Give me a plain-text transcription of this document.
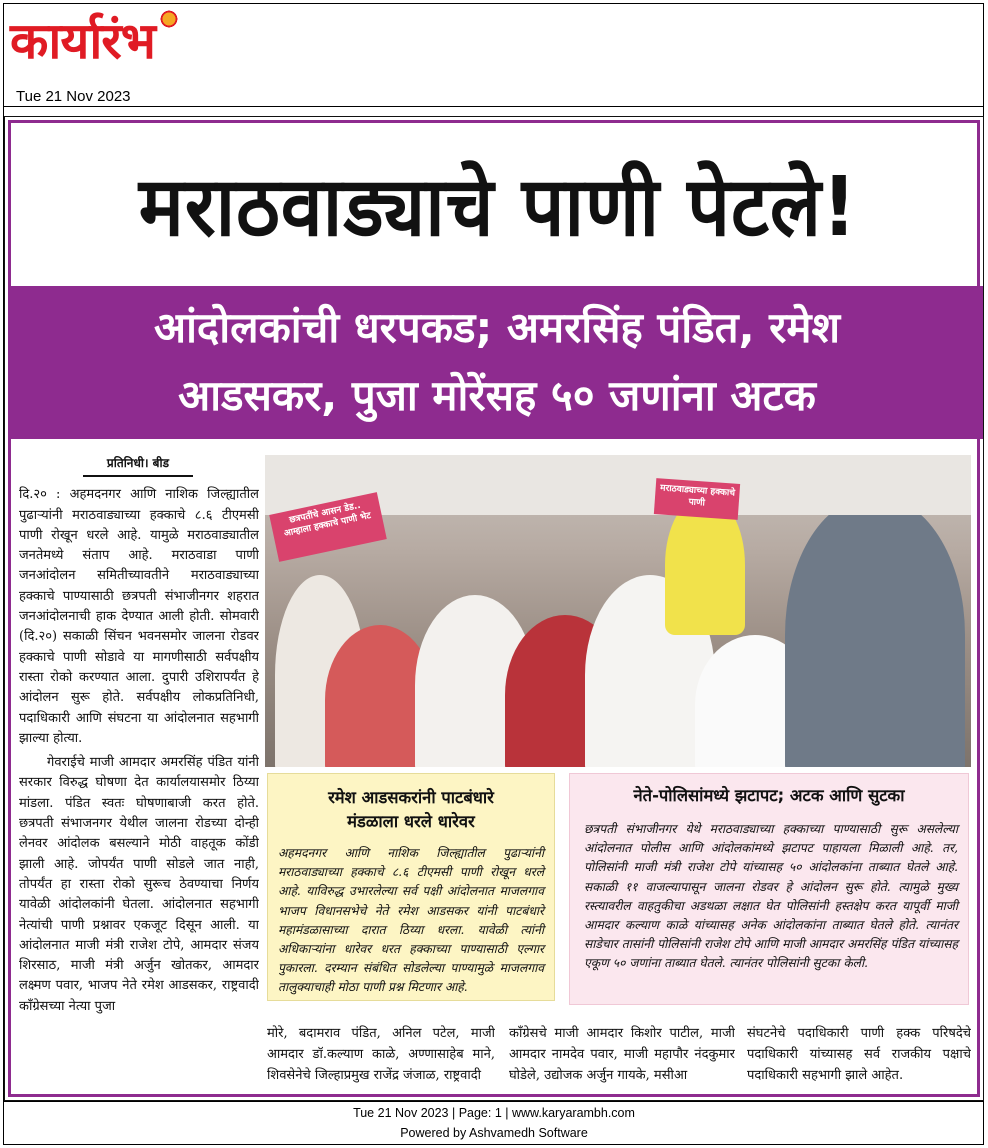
कार्यारंभ
Tue 21 Nov 2023
मराठवाड्याचे पाणी पेटले!
आंदोलकांची धरपकड; अमरसिंह पंडित, रमेश
आडसकर, पुजा मोरेंसह ५० जणांना अटक
प्रतिनिधी। बीड

दि.२० : अहमदनगर आणि नाशिक जिल्ह्यातील पुढाऱ्यांनी मराठवाड्याच्या हक्काचे ८.६ टीएमसी पाणी रोखून धरले आहे. यामुळे मराठवाड्यातील जनतेमध्ये संताप आहे. मराठवाडा पाणी जनआंदोलन समितीच्यावतीने मराठवाड्याच्या हक्काचे पाण्यासाठी छत्रपती संभाजीनगर शहरात जनआंदोलनाची हाक देण्यात आली होती. सोमवारी (दि.२०) सकाळी सिंचन भवनसमोर जालना रोडवर हक्काचे पाणी सोडावे या मागणीसाठी सर्वपक्षीय रास्ता रोको करण्यात आला. दुपारी उशिरापर्यंत हे आंदोलन सुरू होते. सर्वपक्षीय लोकप्रतिनिधी, पदाधिकारी आणि संघटना या आंदोलनात सहभागी झाल्या होत्या.

गेवराईचे माजी आमदार अमरसिंह पंडित यांनी सरकार विरुद्ध घोषणा देत कार्यालयासमोर ठिय्या मांडला. पंडित स्वतः घोषणाबाजी करत होते. छत्रपती संभाजनगर येथील जालना रोडच्या दोन्ही लेनवर आंदोलक बसल्याने मोठी वाहतूक कोंडी झाली आहे. जोपर्यंत पाणी सोडले जात नाही, तोपर्यंत हा रास्ता रोको सुरूच ठेवण्याचा निर्णय यावेळी आंदोलकांनी घेतला. आंदोलनात सहभागी नेत्यांची पाणी प्रश्नावर एकजूट दिसून आली. या आंदोलनात माजी मंत्री राजेश टोपे, आमदार संजय शिरसाठ, माजी मंत्री अर्जुन खोतकर, आमदार लक्ष्मण पवार, भाजप नेते रमेश आडसकर, राष्ट्रवादी काँग्रेसच्या नेत्या पुजा

छत्रपतींचे आसन डेड.. आम्हाला हक्काचे पाणी भेट
मराठवाड्याच्या हक्काचे पाणी
रमेश आडसकरांनी पाटबंधारे
मंडळाला धरले धारेवर

अहमदनगर आणि नाशिक जिल्ह्यातील पुढाऱ्यांनी मराठवाड्याच्या हक्काचे ८.६ टीएमसी पाणी रोखून धरले आहे. याविरुद्ध उभारलेल्या सर्व पक्षी आंदोलनात माजलगाव भाजप विधानसभेचे नेते रमेश आडसकर यांनी पाटबंधारे महामंडळासाच्या दारात ठिय्या धरला. यावेळी त्यांनी अधिकाऱ्यांना धारेवर धरत हक्काच्या पाण्यासाठी एल्गार पुकारला. दरम्यान संबंधित सोडलेल्या पाण्यामुळे माजलगाव तालुक्याचाही मोठा पाणी प्रश्न मिटणार आहे.

नेते-पोलिसांमध्ये झटापट; अटक आणि सुटका

छत्रपती संभाजीनगर येथे मराठवाड्याच्या हक्काच्या पाण्यासाठी सुरू असलेल्या आंदोलनात पोलीस आणि आंदोलकांमध्ये झटापट पाहायला मिळाली आहे. तर, पोलिसांनी माजी मंत्री राजेश टोपे यांच्यासह ५० आंदोलकांना ताब्यात घेतले आहे. सकाळी ११ वाजल्यापासून जालना रोडवर हे आंदोलन सुरू होते. त्यामुळे मुख्य रस्त्यावरील वाहतुकीचा अडथळा लक्षात घेत पोलिसांनी हस्तक्षेप करत यापूर्वी माजी आमदार कल्याण काळे यांच्यासह अनेक आंदोलकांना ताब्यात घेतले होते. त्यानंतर साडेचार तासांनी पोलिसांनी राजेश टोपे आणि माजी आमदार अमरसिंह पंडित यांच्यासह एकूण ५० जणांना ताब्यात घेतले. त्यानंतर पोलिसांनी सुटका केली.

मोरे, बदामराव पंडित, अनिल पटेल, माजी आमदार डॉ.कल्याण काळे, अण्णासाहेब माने, शिवसेनेचे जिल्हाप्रमुख राजेंद्र जंजाळ, राष्ट्रवादी
काँग्रेसचे माजी आमदार किशोर पाटील, माजी आमदार नामदेव पवार, माजी महापौर नंदकुमार घोडेले, उद्योजक अर्जुन गायके, मसीआ
संघटनेचे पदाधिकारी पाणी हक्क परिषदेचे पदाधिकारी यांच्यासह सर्व राजकीय पक्षाचे पदाधिकारी सहभागी झाले आहेत.
Tue 21 Nov 2023 | Page: 1 | www.karyarambh.com
Powered by Ashvamedh Software
